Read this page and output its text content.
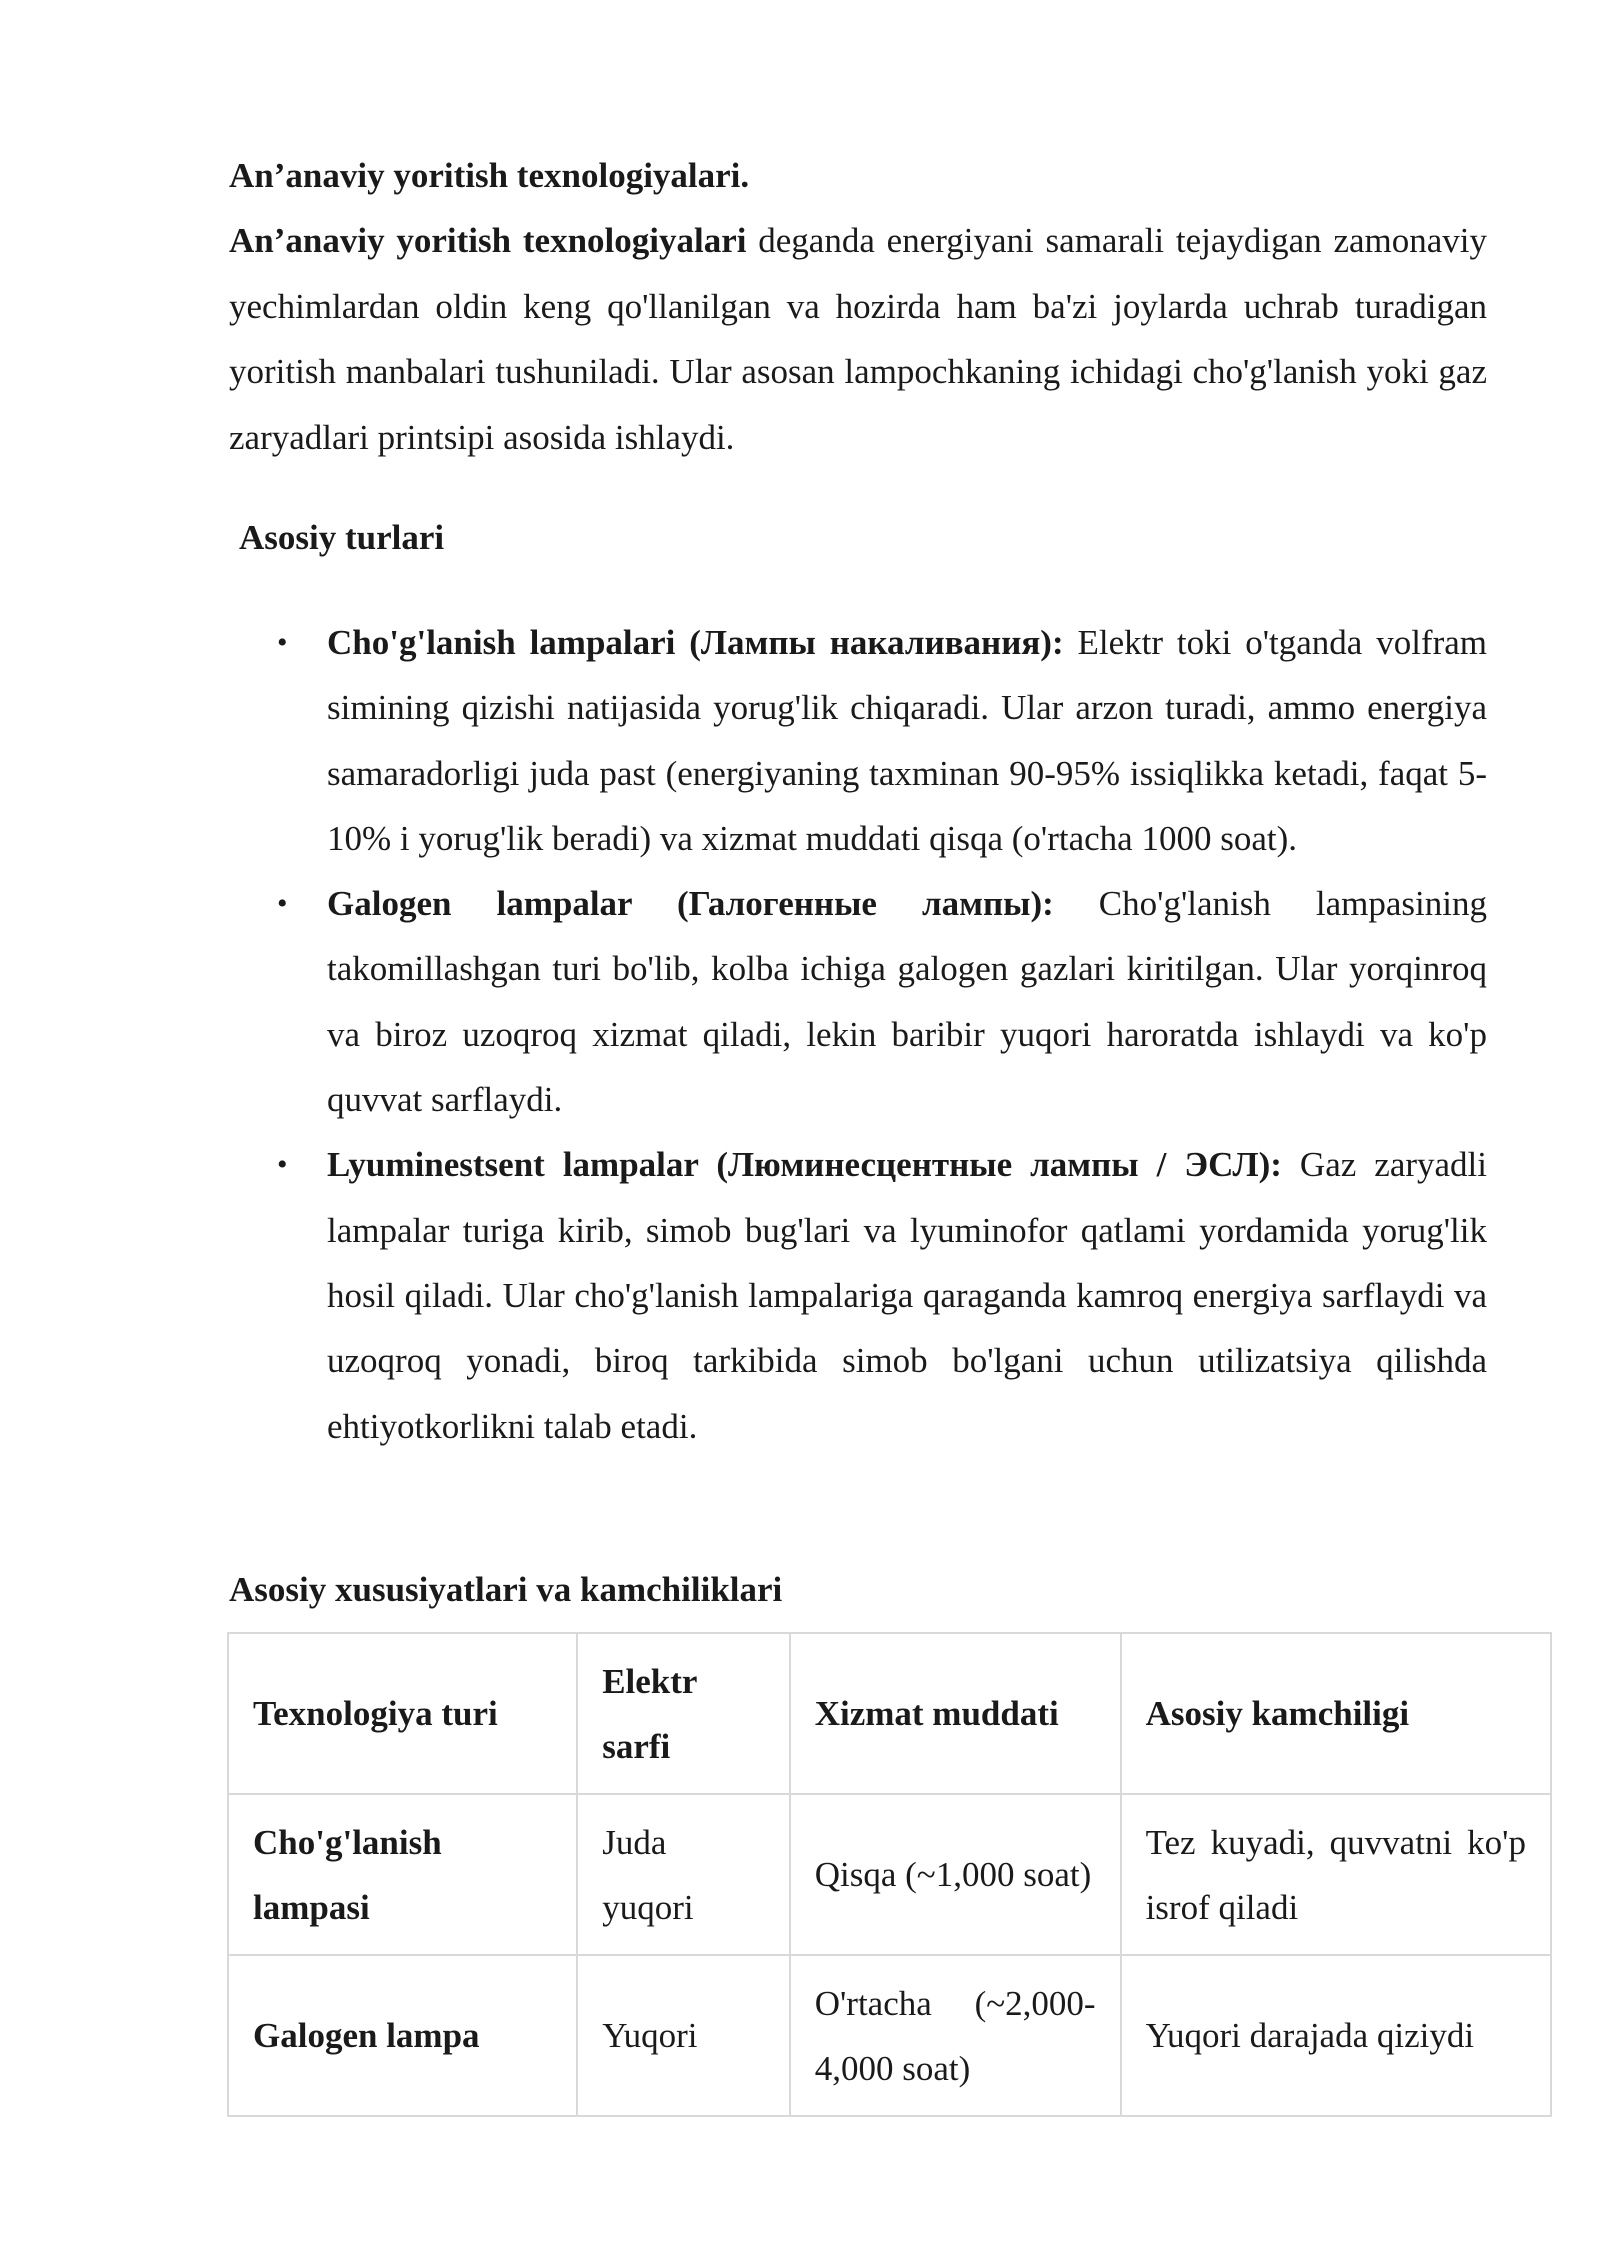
An’anaviy yoritish texnologiyalari.

An’anaviy yoritish texnologiyalari deganda energiyani samarali tejaydigan zamonaviy yechimlardan oldin keng qo'llanilgan va hozirda ham ba'zi joylarda uchrab turadigan yoritish manbalari tushuniladi. Ular asosan lampochkaning ichidagi cho'g'lanish yoki gaz zaryadlari printsipi asosida ishlaydi.

Asosiy turlari

• Cho'g'lanish lampalari (Лампы накаливания): Elektr toki o'tganda volfram simining qizishi natijasida yorug'lik chiqaradi. Ular arzon turadi, ammo energiya samaradorligi juda past (energiyaning taxminan 90-95% issiqlikka ketadi, faqat 5-10% i yorug'lik beradi) va xizmat muddati qisqa (o'rtacha 1000 soat).
• Galogen lampalar (Галогенные лампы): Cho'g'lanish lampasining takomillashgan turi bo'lib, kolba ichiga galogen gazlari kiritilgan. Ular yorqinroq va biroz uzoqroq xizmat qiladi, lekin baribir yuqori haroratda ishlaydi va ko'p quvvat sarflaydi.
• Lyuminestsent lampalar (Люминесцентные лампы / ЭСЛ): Gaz zaryadli lampalar turiga kirib, simob bug'lari va lyuminofor qatlami yordamida yorug'lik hosil qiladi. Ular cho'g'lanish lampalariga qaraganda kamroq energiya sarflaydi va uzoqroq yonadi, biroq tarkibida simob bo'lgani uchun utilizatsiya qilishda ehtiyotkorlikni talab etadi.

Asosiy xususiyatlari va kamchiliklari

Texnologiya turi	Elektr sarfi	Xizmat muddati	Asosiy kamchiligi
Cho'g'lanish lampasi	Juda yuqori	Qisqa (~1,000 soat)	Tez kuyadi, quvvatni ko'p isrof qiladi
Galogen lampa	Yuqori	O'rtacha (~2,000-4,000 soat)	Yuqori darajada qiziydi
